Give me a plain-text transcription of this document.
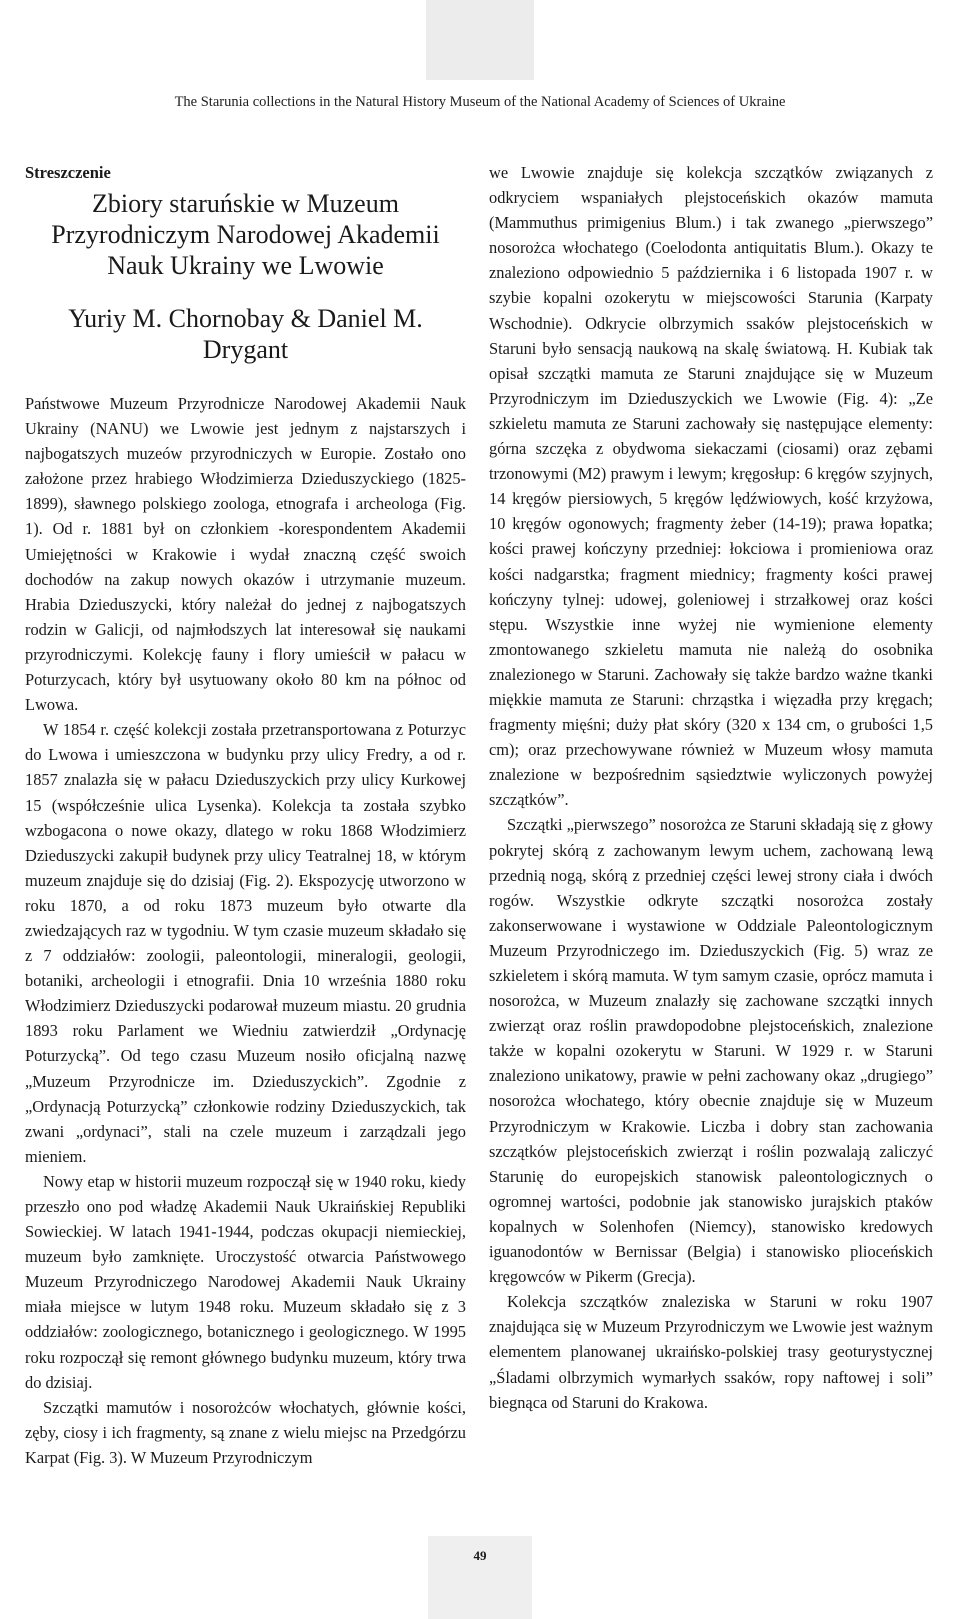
The Starunia collections in the Natural History Museum of the National Academy of Sciences of Ukraine
Streszczenie
Zbiory staruńskie w Muzeum Przyrodniczym Narodowej Akademii Nauk Ukrainy we Lwowie
Yuriy M. Chornobay & Daniel M. Drygant

Państwowe Muzeum Przyrodnicze Narodowej Akademii Nauk Ukrainy (NANU) we Lwowie jest jednym z najstarszych i najbogatszych muzeów przyrodniczych w Europie. Zostało ono założone przez hrabiego Włodzimierza Dzieduszyckiego (1825-1899), sławnego polskiego zoologa, etnografa i archeologa (Fig. 1). Od r. 1881 był on członkiem -korespondentem Akademii Umiejętności w Krakowie i wydał znaczną część swoich dochodów na zakup nowych okazów i utrzymanie muzeum. Hrabia Dzieduszycki, który należał do jednej z najbogatszych rodzin w Galicji, od najmłodszych lat interesował się naukami przyrodniczymi. Kolekcję fauny i flory umieścił w pałacu w Poturzycach, który był usytuowany około 80 km na północ od Lwowa.

W 1854 r. część kolekcji została przetransportowana z Poturzyc do Lwowa i umieszczona w budynku przy ulicy Fredry, a od r. 1857 znalazła się w pałacu Dzieduszyckich przy ulicy Kurkowej 15 (współcześnie ulica Lysenka). Kolekcja ta została szybko wzbogacona o nowe okazy, dlatego w roku 1868 Włodzimierz Dzieduszycki zakupił budynek przy ulicy Teatralnej 18, w którym muzeum znajduje się do dzisiaj (Fig. 2). Ekspozycję utworzono w roku 1870, a od roku 1873 muzeum było otwarte dla zwiedzających raz w tygodniu. W tym czasie muzeum składało się z 7 oddziałów: zoologii, paleontologii, mineralogii, geologii, botaniki, archeologii i etnografii. Dnia 10 września 1880 roku Włodzimierz Dzieduszycki podarował muzeum miastu. 20 grudnia 1893 roku Parlament we Wiedniu zatwierdził „Ordynację Poturzycką”. Od tego czasu Muzeum nosiło oficjalną nazwę „Muzeum Przyrodnicze im. Dzieduszyckich”. Zgodnie z „Ordynacją Poturzycką” członkowie rodziny Dzieduszyckich, tak zwani „ordynaci”, stali na czele muzeum i zarządzali jego mieniem.

Nowy etap w historii muzeum rozpoczął się w 1940 roku, kiedy przeszło ono pod władzę Akademii Nauk Ukraińskiej Republiki Sowieckiej. W latach 1941-1944, podczas okupacji niemieckiej, muzeum było zamknięte. Uroczystość otwarcia Państwowego Muzeum Przyrodniczego Narodowej Akademii Nauk Ukrainy miała miejsce w lutym 1948 roku. Muzeum składało się z 3 oddziałów: zoologicznego, botanicznego i geologicznego. W 1995 roku rozpoczął się remont głównego budynku muzeum, który trwa do dzisiaj.

Szczątki mamutów i nosorożców włochatych, głównie kości, zęby, ciosy i ich fragmenty, są znane z wielu miejsc na Przedgórzu Karpat (Fig. 3). W Muzeum Przyrodniczym

we Lwowie znajduje się kolekcja szczątków związanych z odkryciem wspaniałych plejstoceńskich okazów mamuta (Mammuthus primigenius Blum.) i tak zwanego „pierwszego” nosorożca włochatego (Coelodonta antiquitatis Blum.). Okazy te znaleziono odpowiednio 5 października i 6 listopada 1907 r. w szybie kopalni ozokerytu w miejscowości Starunia (Karpaty Wschodnie). Odkrycie olbrzymich ssaków plejstoceńskich w Staruni było sensacją naukową na skalę światową. H. Kubiak tak opisał szczątki mamuta ze Staruni znajdujące się w Muzeum Przyrodniczym im Dzieduszyckich we Lwowie (Fig. 4): „Ze szkieletu mamuta ze Staruni zachowały się następujące elementy: górna szczęka z obydwoma siekaczami (ciosami) oraz zębami trzonowymi (M2) prawym i lewym; kręgosłup: 6 kręgów szyjnych, 14 kręgów piersiowych, 5 kręgów lędźwiowych, kość krzyżowa, 10 kręgów ogonowych; fragmenty żeber (14-19); prawa łopatka; kości prawej kończyny przedniej: łokciowa i promieniowa oraz kości nadgarstka; fragment miednicy; fragmenty kości prawej kończyny tylnej: udowej, goleniowej i strzałkowej oraz kości stępu. Wszystkie inne wyżej nie wymienione elementy zmontowanego szkieletu mamuta nie należą do osobnika znalezionego w Staruni. Zachowały się także bardzo ważne tkanki miękkie mamuta ze Staruni: chrząstka i więzadła przy kręgach; fragmenty mięśni; duży płat skóry (320 x 134 cm, o grubości 1,5 cm); oraz przechowywane również w Muzeum włosy mamuta znalezione w bezpośrednim sąsiedztwie wyliczonych powyżej szczątków”.

Szczątki „pierwszego” nosorożca ze Staruni składają się z głowy pokrytej skórą z zachowanym lewym uchem, zachowaną lewą przednią nogą, skórą z przedniej części lewej strony ciała i dwóch rogów. Wszystkie odkryte szczątki nosorożca zostały zakonserwowane i wystawione w Oddziale Paleontologicznym Muzeum Przyrodniczego im. Dzieduszyckich (Fig. 5) wraz ze szkieletem i skórą mamuta. W tym samym czasie, oprócz mamuta i nosorożca, w Muzeum znalazły się zachowane szczątki innych zwierząt oraz roślin prawdopodobne plejstoceńskich, znalezione także w kopalni ozokerytu w Staruni. W 1929 r. w Staruni znaleziono unikatowy, prawie w pełni zachowany okaz „drugiego” nosorożca włochatego, który obecnie znajduje się w Muzeum Przyrodniczym w Krakowie. Liczba i dobry stan zachowania szczątków plejstoceńskich zwierząt i roślin pozwalają zaliczyć Starunię do europejskich stanowisk paleontologicznych o ogromnej wartości, podobnie jak stanowisko jurajskich ptaków kopalnych w Solenhofen (Niemcy), stanowisko kredowych iguanodontów w Bernissar (Belgia) i stanowisko plioceńskich kręgowców w Pikerm (Grecja).

Kolekcja szczątków znaleziska w Staruni w roku 1907 znajdująca się w Muzeum Przyrodniczym we Lwowie jest ważnym elementem planowanej ukraińsko-polskiej trasy geoturystycznej „Śladami olbrzymich wymarłych ssaków, ropy naftowej i soli” biegnąca od Staruni do Krakowa.

49
